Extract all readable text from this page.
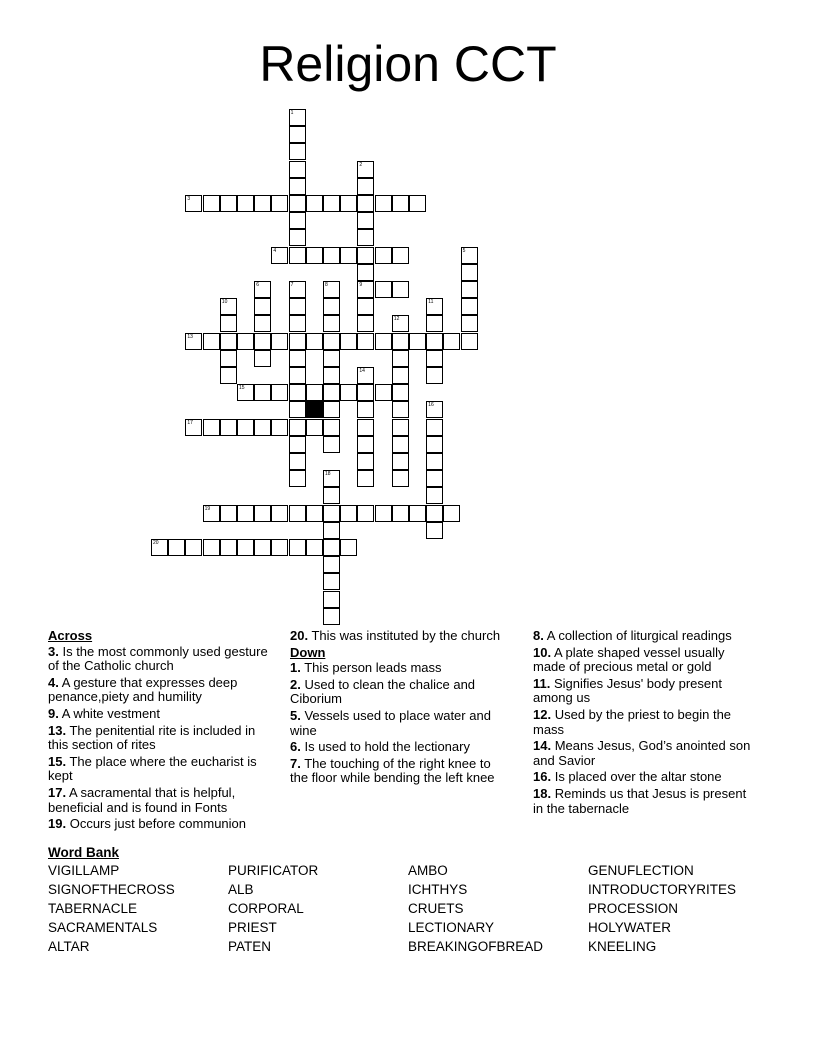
Religion CCT
3
4
9
13
15
17
19
20
1
2
5
6	7	8
10	11
12
14
16
18
Across
3. Is the most commonly used gesture of the Catholic church
4. A gesture that expresses deep penance,piety and humility
9. A white vestment
13. The penitential rite is included in this section of rites
15. The place where the eucharist is kept
17. A sacramental that is helpful, beneficial and is found in Fonts
19. Occurs just before communion
20. This was instituted by the church
Down
1. This person leads mass
2. Used to clean the chalice and Ciborium
5. Vessels used to place water and wine
6. Is used to hold the lectionary
7. The touching of the right knee to the floor while bending the left knee
8. A collection of liturgical readings
10. A plate shaped vessel usually made of precious metal or gold
11. Signifies Jesus' body present among us
12. Used by the priest to begin the mass
14. Means Jesus, God’s anointed son and Savior
16. Is placed over the altar stone
18. Reminds us that Jesus is present in the tabernacle
Word Bank
VIGILLAMP
SIGNOFTHECROSS
TABERNACLE
SACRAMENTALS
ALTAR
PURIFICATOR
ALB
CORPORAL
PRIEST
PATEN
AMBO
ICHTHYS
CRUETS
LECTIONARY
BREAKINGOFBREAD
GENUFLECTION
INTRODUCTORYRITES
PROCESSION
HOLYWATER
KNEELING
